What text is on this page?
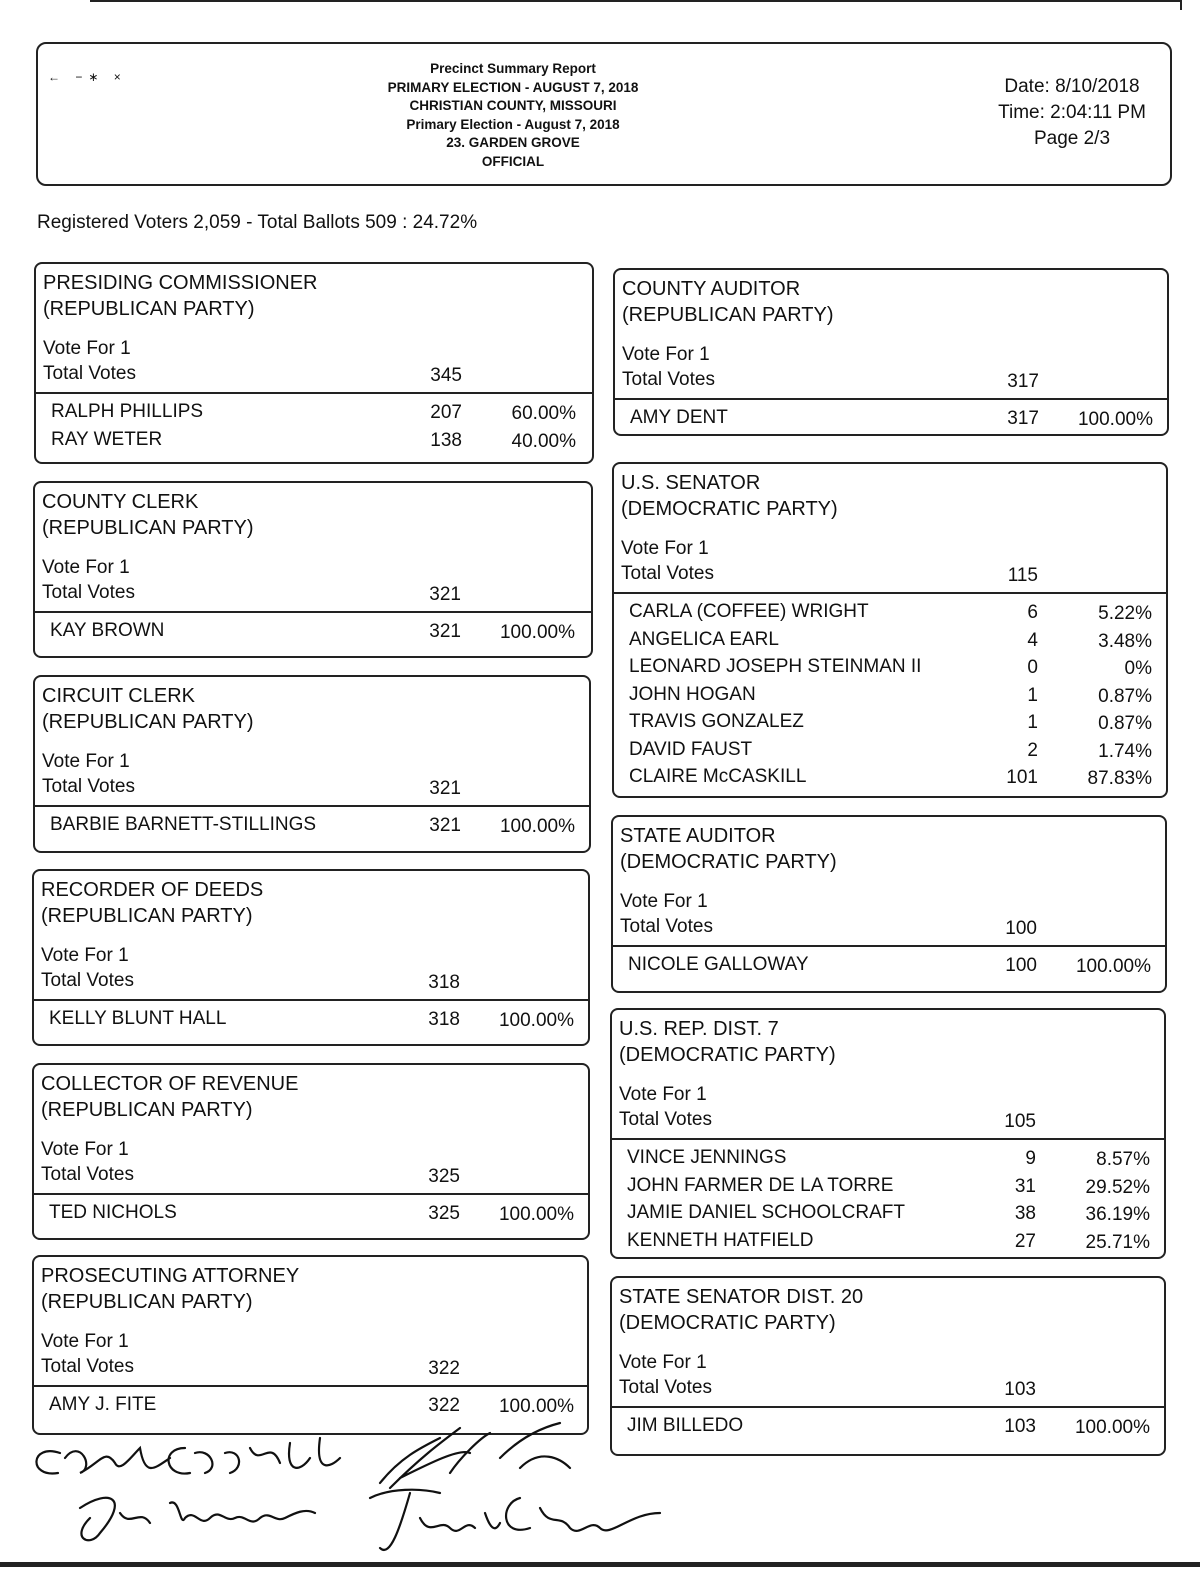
← −∗ ×
Precinct Summary Report
PRIMARY ELECTION - AUGUST 7, 2018
CHRISTIAN COUNTY, MISSOURI
Primary Election - August 7, 2018
23. GARDEN GROVE
OFFICIAL
Date: 8/10/2018
Time: 2:04:11 PM
Page 2/3
Registered Voters 2,059 - Total Ballots 509 : 24.72%
PRESIDING COMMISSIONER
(REPUBLICAN PARTY)
Vote For 1
Total Votes	345
RALPH PHILLIPS	207	60.00%
RAY WETER	138	40.00%
COUNTY CLERK
(REPUBLICAN PARTY)
Vote For 1
Total Votes	321
KAY BROWN	321	100.00%
CIRCUIT CLERK
(REPUBLICAN PARTY)
Vote For 1
Total Votes	321
BARBIE BARNETT-STILLINGS	321	100.00%
RECORDER OF DEEDS
(REPUBLICAN PARTY)
Vote For 1
Total Votes	318
KELLY BLUNT HALL	318	100.00%
COLLECTOR OF REVENUE
(REPUBLICAN PARTY)
Vote For 1
Total Votes	325
TED NICHOLS	325	100.00%
PROSECUTING ATTORNEY
(REPUBLICAN PARTY)
Vote For 1
Total Votes	322
AMY J. FITE	322	100.00%
COUNTY AUDITOR
(REPUBLICAN PARTY)
Vote For 1
Total Votes	317
AMY DENT	317	100.00%
U.S. SENATOR
(DEMOCRATIC PARTY)
Vote For 1
Total Votes	115
CARLA (COFFEE) WRIGHT	6	5.22%
ANGELICA EARL	4	3.48%
LEONARD JOSEPH STEINMAN II	0	0%
JOHN HOGAN	1	0.87%
TRAVIS GONZALEZ	1	0.87%
DAVID FAUST	2	1.74%
CLAIRE McCASKILL	101	87.83%
STATE AUDITOR
(DEMOCRATIC PARTY)
Vote For 1
Total Votes	100
NICOLE GALLOWAY	100	100.00%
U.S. REP. DIST. 7
(DEMOCRATIC PARTY)
Vote For 1
Total Votes	105
VINCE JENNINGS	9	8.57%
JOHN FARMER DE LA TORRE	31	29.52%
JAMIE DANIEL SCHOOLCRAFT	38	36.19%
KENNETH HATFIELD	27	25.71%
STATE SENATOR DIST. 20
(DEMOCRATIC PARTY)
Vote For 1
Total Votes	103
JIM BILLEDO	103	100.00%
